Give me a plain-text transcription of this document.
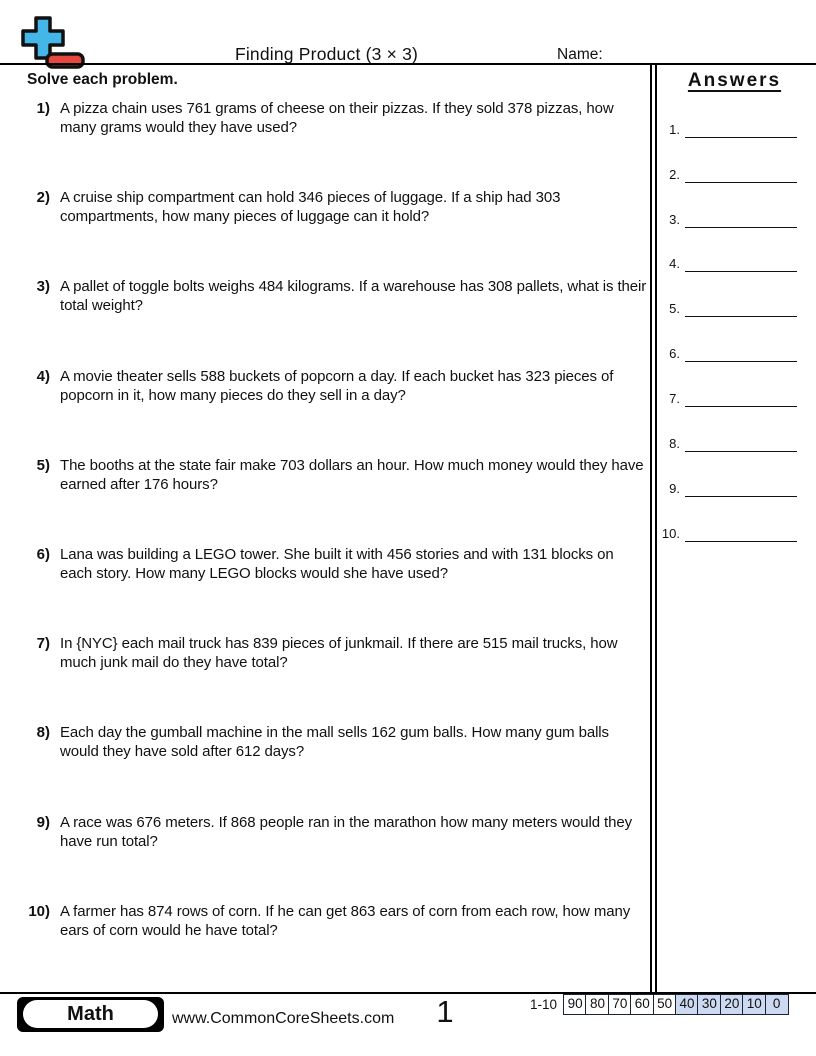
Finding Product (3 × 3)	Name:
Solve each problem.
1) A pizza chain uses 761 grams of cheese on their pizzas. If they sold 378 pizzas, how many grams would they have used?
2) A cruise ship compartment can hold 346 pieces of luggage. If a ship had 303 compartments, how many pieces of luggage can it hold?
3) A pallet of toggle bolts weighs 484 kilograms. If a warehouse has 308 pallets, what is their total weight?
4) A movie theater sells 588 buckets of popcorn a day. If each bucket has 323 pieces of popcorn in it, how many pieces do they sell in a day?
5) The booths at the state fair make 703 dollars an hour. How much money would they have earned after 176 hours?
6) Lana was building a LEGO tower. She built it with 456 stories and with 131 blocks on each story. How many LEGO blocks would she have used?
7) In {NYC} each mail truck has 839 pieces of junkmail. If there are 515 mail trucks, how much junk mail do they have total?
8) Each day the gumball machine in the mall sells 162 gum balls. How many gum balls would they have sold after 612 days?
9) A race was 676 meters. If 868 people ran in the marathon how many meters would they have run total?
10) A farmer has 874 rows of corn. If he can get 863 ears of corn from each row, how many ears of corn would he have total?
Answers
1.
2.
3.
4.
5.
6.
7.
8.
9.
10.
Math	www.CommonCoreSheets.com	1	1-10 90 80 70 60 50 40 30 20 10 0
